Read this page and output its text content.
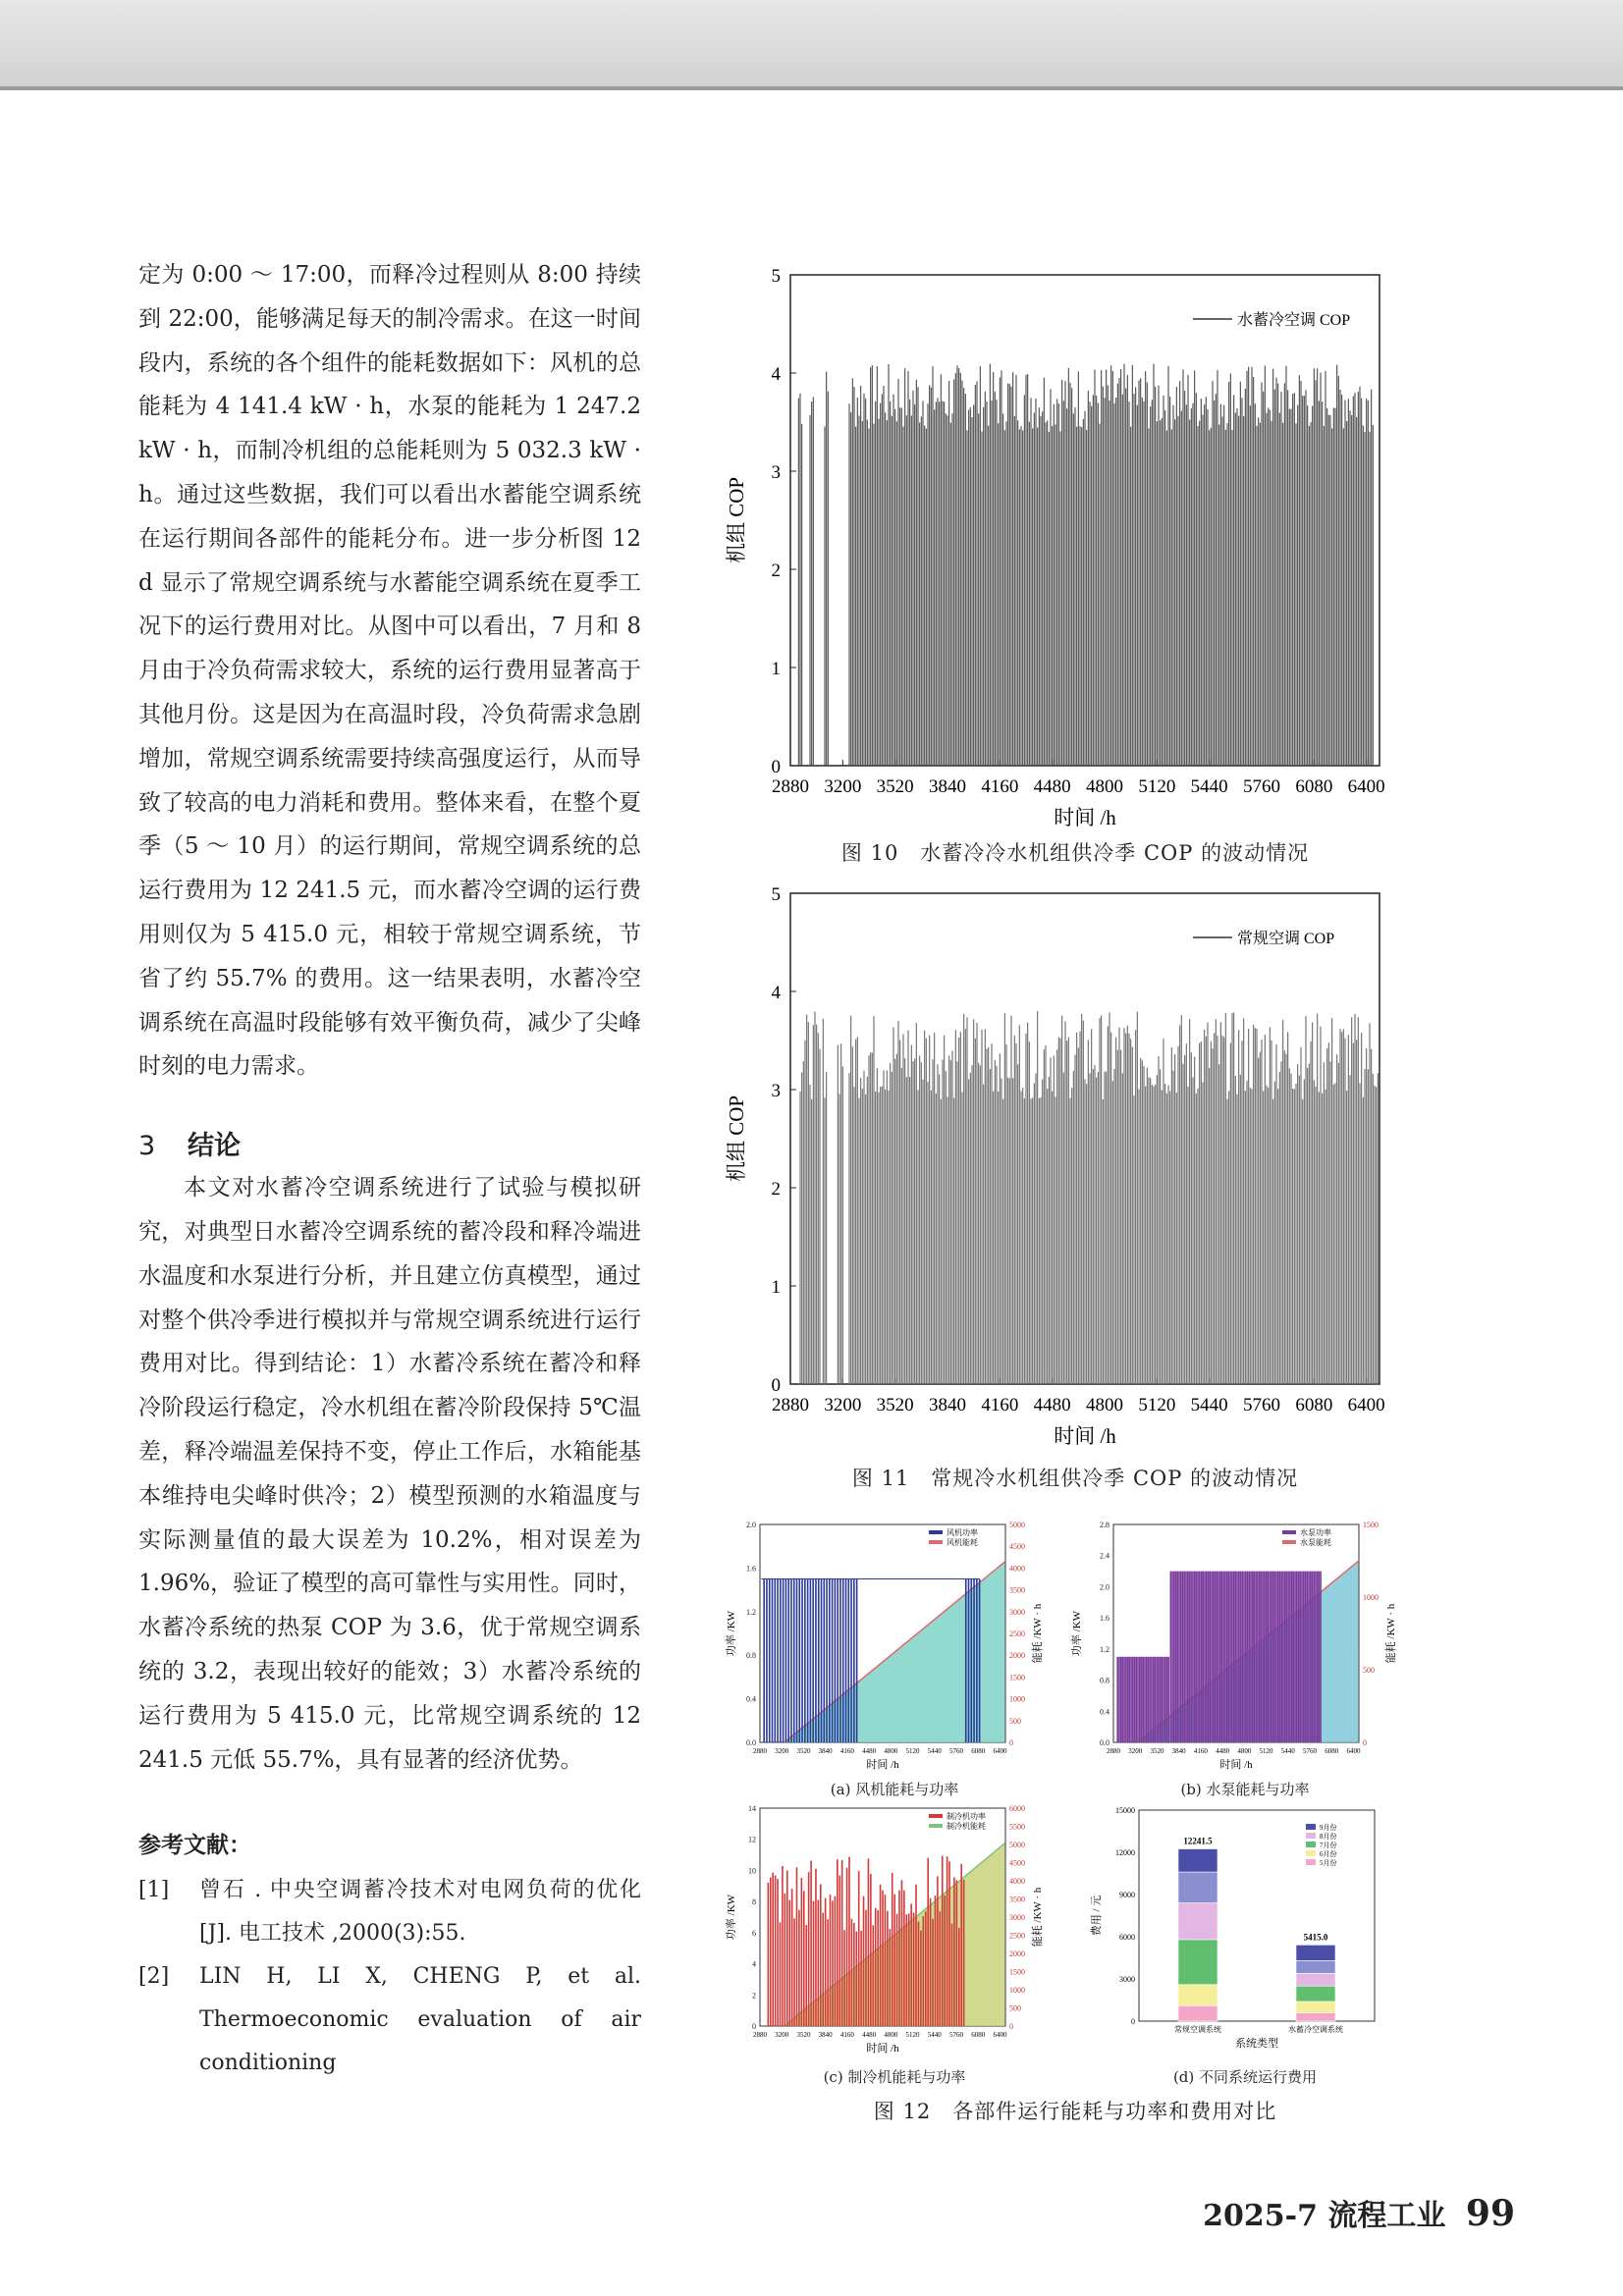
定为 0:00 ～ 17:00，而释冷过程则从 8:00 持续到 22:00，能够满足每天的制冷需求。在这一时间段内，系统的各个组件的能耗数据如下：风机的总能耗为 4 141.4 kW · h，水泵的能耗为 1 247.2 kW · h，而制冷机组的总能耗则为 5 032.3 kW · h。通过这些数据，我们可以看出水蓄能空调系统在运行期间各部件的能耗分布。进一步分析图 12 d 显示了常规空调系统与水蓄能空调系统在夏季工况下的运行费用对比。从图中可以看出，7 月和 8 月由于冷负荷需求较大，系统的运行费用显著高于其他月份。这是因为在高温时段，冷负荷需求急剧增加，常规空调系统需要持续高强度运行，从而导致了较高的电力消耗和费用。整体来看，在整个夏季（5 ～ 10 月）的运行期间，常规空调系统的总运行费用为 12 241.5 元，而水蓄冷空调的运行费用则仅为 5 415.0 元，相较于常规空调系统，节省了约 55.7% 的费用。这一结果表明，水蓄冷空调系统在高温时段能够有效平衡负荷，减少了尖峰时刻的电力需求。

3 结论

本文对水蓄冷空调系统进行了试验与模拟研究，对典型日水蓄冷空调系统的蓄冷段和释冷端进水温度和水泵进行分析，并且建立仿真模型，通过对整个供冷季进行模拟并与常规空调系统进行运行费用对比。得到结论：1）水蓄冷系统在蓄冷和释冷阶段运行稳定，冷水机组在蓄冷阶段保持 5℃温差，释冷端温差保持不变，停止工作后，水箱能基本维持电尖峰时供冷；2）模型预测的水箱温度与实际测量值的最大误差为 10.2%，相对误差为 1.96%，验证了模型的高可靠性与实用性。同时，水蓄冷系统的热泵 COP 为 3.6，优于常规空调系统的 3.2，表现出较好的能效；3）水蓄冷系统的运行费用为 5 415.0 元，比常规空调系统的 12 241.5 元低 55.7%，具有显著的经济优势。

参考文献：
[1] 曾石 . 中央空调蓄冷技术对电网负荷的优化 [J]. 电工技术 ,2000(3):55.
[2] LIN H, LI X, CHENG P, et al. Thermoeconomic evaluation of air conditioning
0
1
2
3
4
5
2880 3200 3520 3840 4160 4480 4800 5120 5440 5760 6080 6400
时间 /h
机组 COP
水蓄冷空调 COP
图 10　水蓄冷冷水机组供冷季 COP 的波动情况
0
1
2
3
4
5
2880 3200 3520 3840 4160 4480 4800 5120 5440 5760 6080 6400
时间 /h
机组 COP
常规空调 COP
图 11　常规冷水机组供冷季 COP 的波动情况
0.0
0.4
0.8
1.2
1.6
2.0
0
500
1000
1500
2000
2500
3000
3500
4000
4500
5000
2880 3200 3520 3840 4160 4480 4800 5120 5440 5760 6080 6400
时间 /h
功率 /KW	能耗 /KW · h
风机功率
风机能耗
(a) 风机能耗与功率
0.0
0.4
0.8
1.2
1.6
2.0
2.4
2.8
0
500
1000
1500
2880 3200 3520 3840 4160 4480 4800 5120 5440 5760 6080 6400
时间 /h
功率 /KW	能耗 /KW · h
水泵功率
水泵能耗
(b) 水泵能耗与功率
0
2
4
6
8
10
12
14
0
500
1000
1500
2000
2500
3000
3500
4000
4500
5000
5500
6000
2880 3200 3520 3840 4160 4480 4800 5120 5440 5760 6080 6400
时间 /h
功率 /KW	能耗 /KW · h
制冷机功率
制冷机能耗
(c) 制冷机能耗与功率
0
3000
6000
9000
12000
15000
12241.5
常规空调系统
5415.0
水蓄冷空调系统
系统类型
费用 / 元
9月份
8月份
7月份
6月份
5月份
(d) 不同系统运行费用
图 12　各部件运行能耗与功率和费用对比
2025-7 流程工业 99
